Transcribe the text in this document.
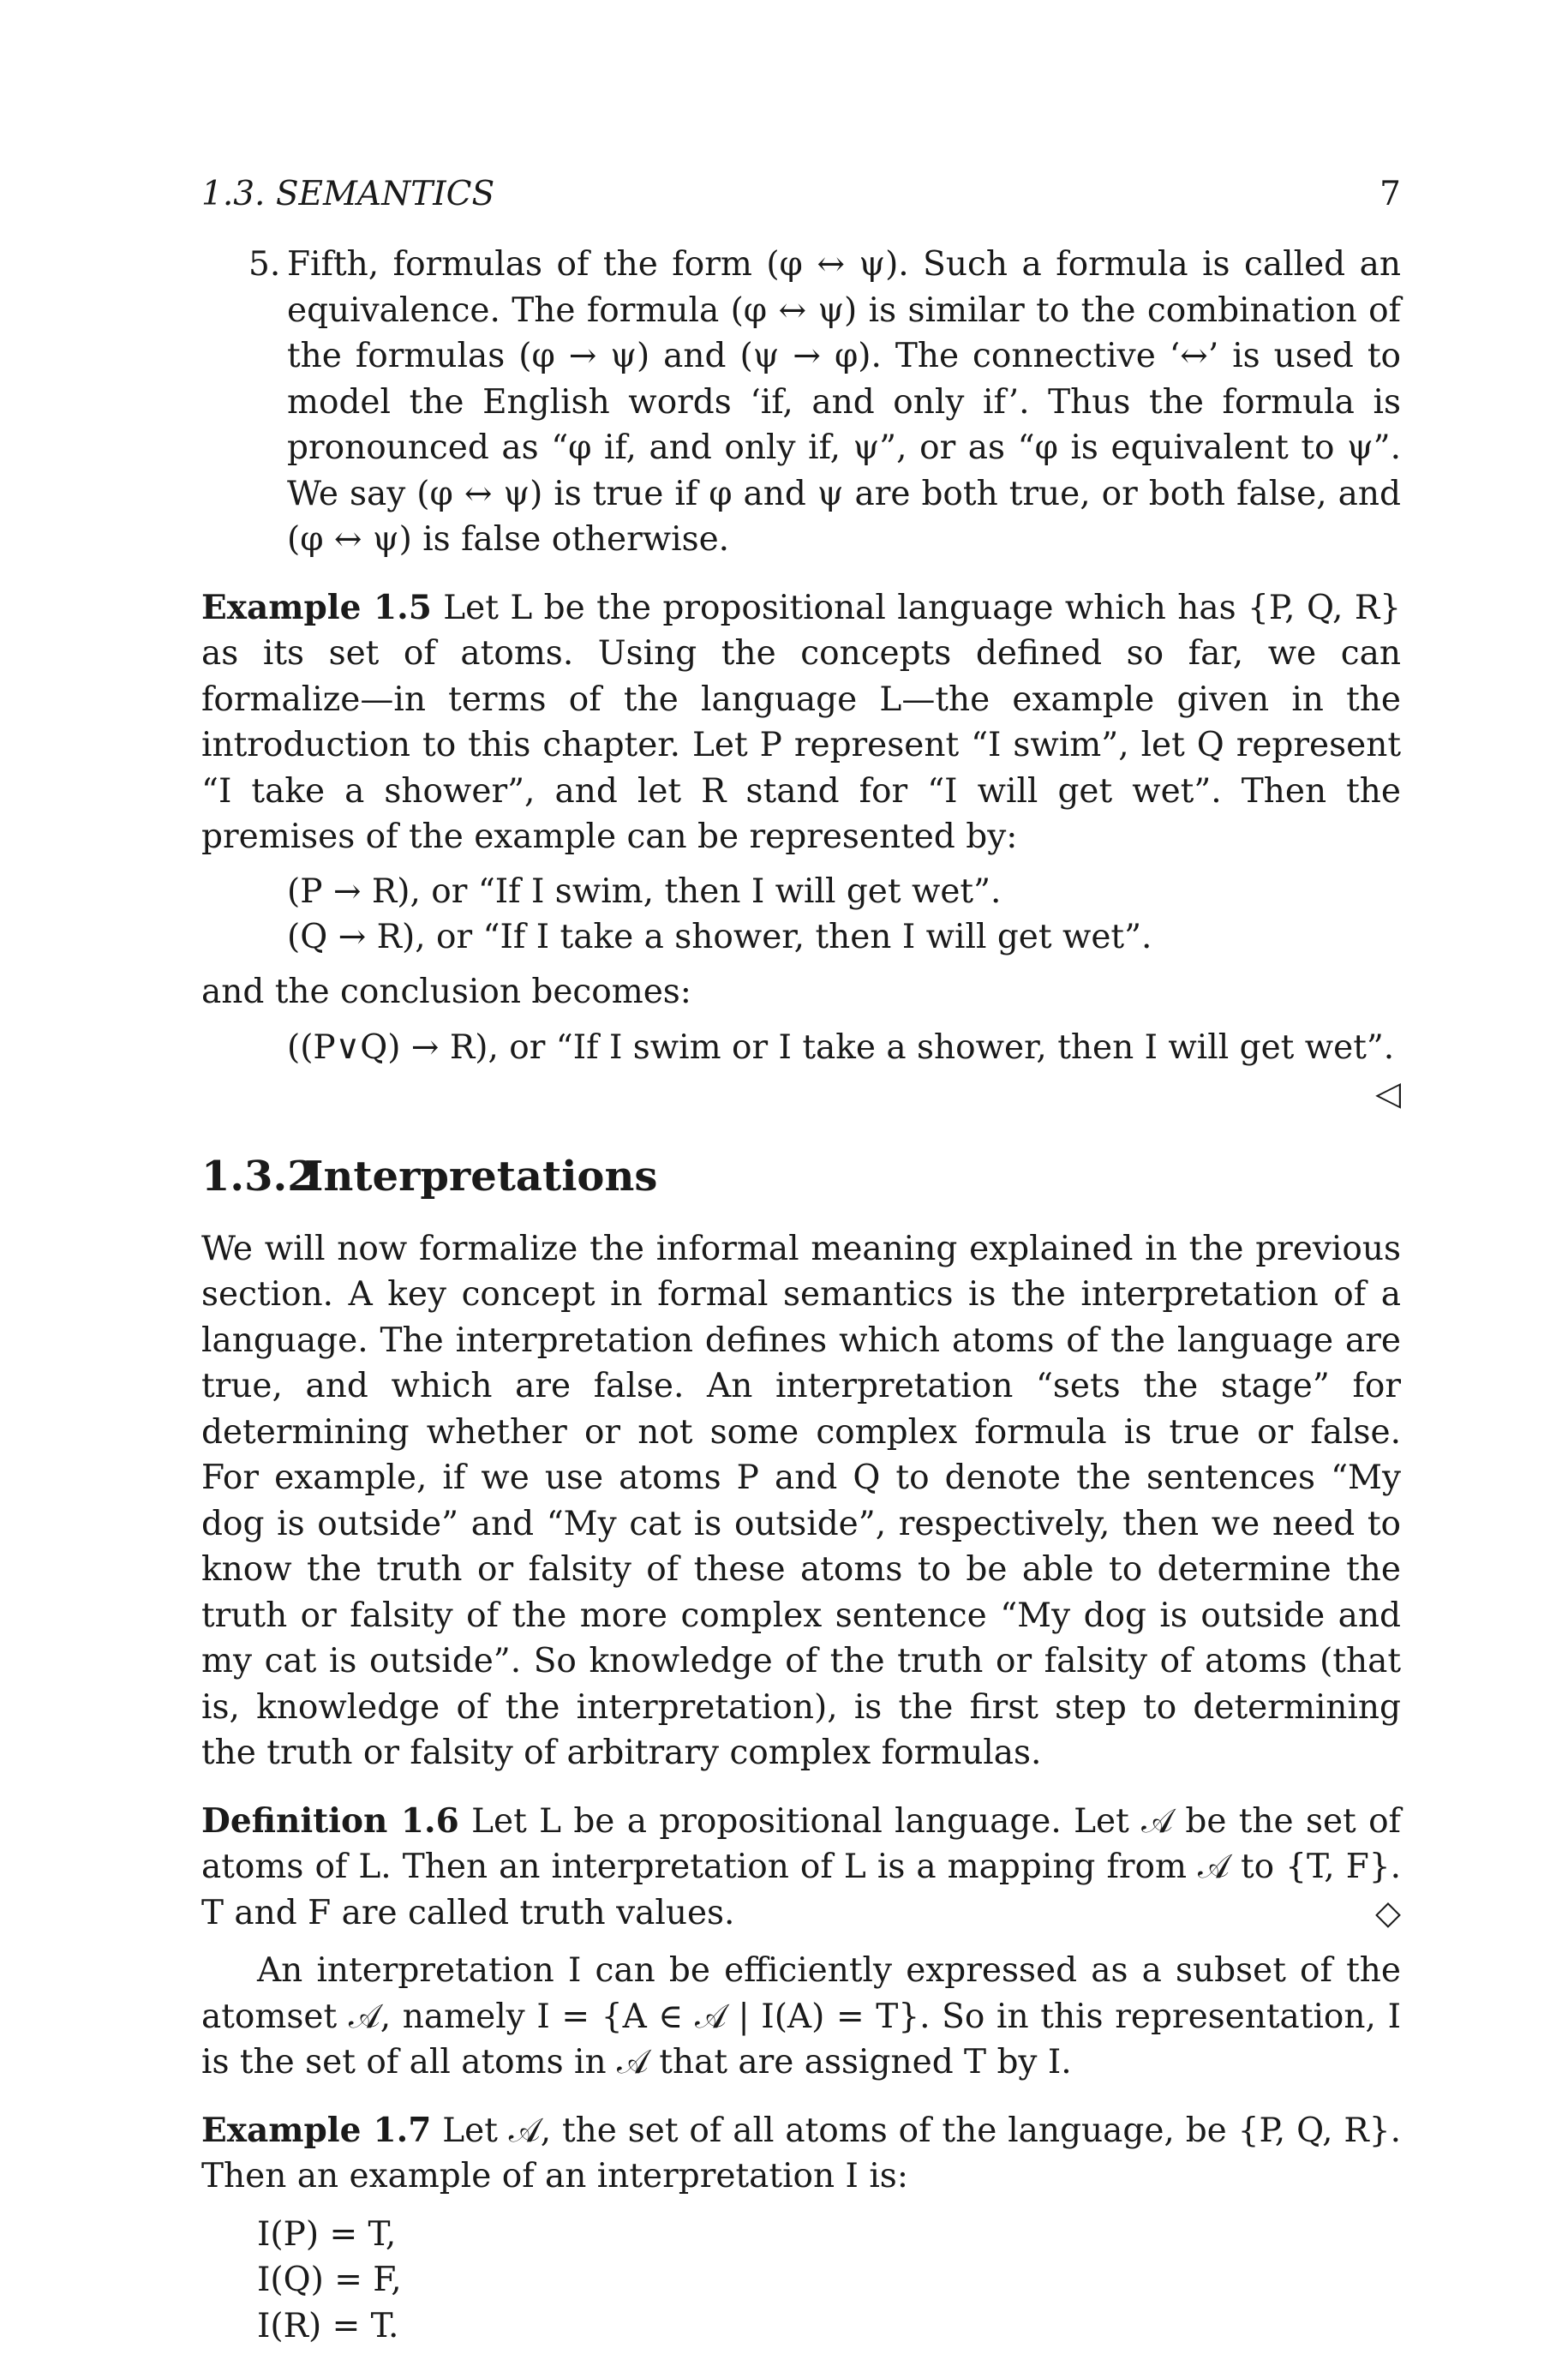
1.3. SEMANTICS	7

5. Fifth, formulas of the form (φ ↔ ψ). Such a formula is called an equivalence. The formula (φ ↔ ψ) is similar to the combination of the formulas (φ → ψ) and (ψ → φ). The connective ‘↔’ is used to model the English words ‘if, and only if’. Thus the formula is pronounced as “φ if, and only if, ψ”, or as “φ is equivalent to ψ”. We say (φ ↔ ψ) is true if φ and ψ are both true, or both false, and (φ ↔ ψ) is false otherwise.

Example 1.5 Let L be the propositional language which has {P, Q, R} as its set of atoms. Using the concepts defined so far, we can formalize—in terms of the language L—the example given in the introduction to this chapter. Let P represent “I swim”, let Q represent “I take a shower”, and let R stand for “I will get wet”. Then the premises of the example can be represented by:

(P → R), or “If I swim, then I will get wet”.
(Q → R), or “If I take a shower, then I will get wet”.

and the conclusion becomes:

((P∨Q) → R), or “If I swim or I take a shower, then I will get wet”.
◁
1.3.2Interpretations

We will now formalize the informal meaning explained in the previous section. A key concept in formal semantics is the interpretation of a language. The interpretation defines which atoms of the language are true, and which are false. An interpretation “sets the stage” for determining whether or not some complex formula is true or false. For example, if we use atoms P and Q to denote the sentences “My dog is outside” and “My cat is outside”, respectively, then we need to know the truth or falsity of these atoms to be able to determine the truth or falsity of the more complex sentence “My dog is outside and my cat is outside”. So knowledge of the truth or falsity of atoms (that is, knowledge of the interpretation), is the first step to determining the truth or falsity of arbitrary complex formulas.

Definition 1.6 Let L be a propositional language. Let 𝒜 be the set of atoms of L. Then an interpretation of L is a mapping from 𝒜 to {T, F}. T and F are called truth values.	◇

An interpretation I can be efficiently expressed as a subset of the atomset 𝒜, namely I = {A ∈ 𝒜 | I(A) = T}. So in this representation, I is the set of all atoms in 𝒜 that are assigned T by I.

Example 1.7 Let 𝒜, the set of all atoms of the language, be {P, Q, R}. Then an example of an interpretation I is:

I(P) = T,
I(Q) = F,
I(R) = T.
